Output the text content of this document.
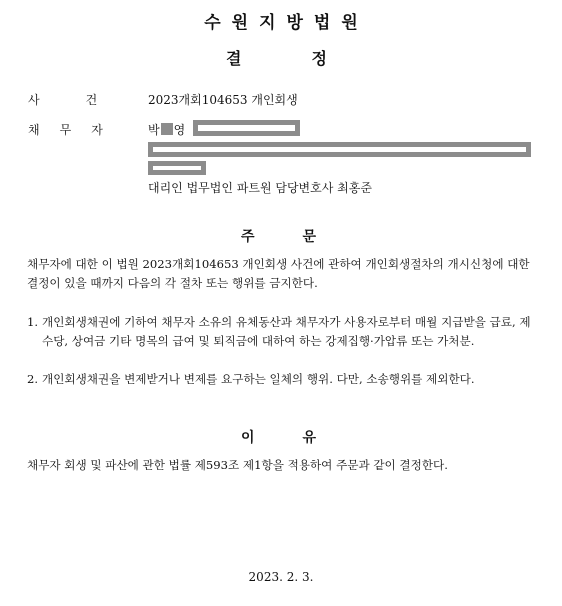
수원지방법원
결	정
사	건	2023개회104653 개인회생
채 무 자	박 영
대리인 법무법인 파트원 담당변호사 최홍준
주	문
채무자에 대한 이 법원 2023개회104653 개인회생 사건에 관하여 개인회생절차의 개시신청에 대한 결정이 있을 때까지 다음의 각 절차 또는 행위를 금지한다.
1. 개인회생채권에 기하여 채무자 소유의 유체동산과 채무자가 사용자로부터 매월 지급받을 급료, 제수당, 상여금 기타 명목의 급여 및 퇴직금에 대하여 하는 강제집행·가압류 또는 가처분.
2. 개인회생채권을 변제받거나 변제를 요구하는 일체의 행위. 다만, 소송행위를 제외한다.
이	유
채무자 회생 및 파산에 관한 법률 제593조 제1항을 적용하여 주문과 같이 결정한다.
2023. 2. 3.
